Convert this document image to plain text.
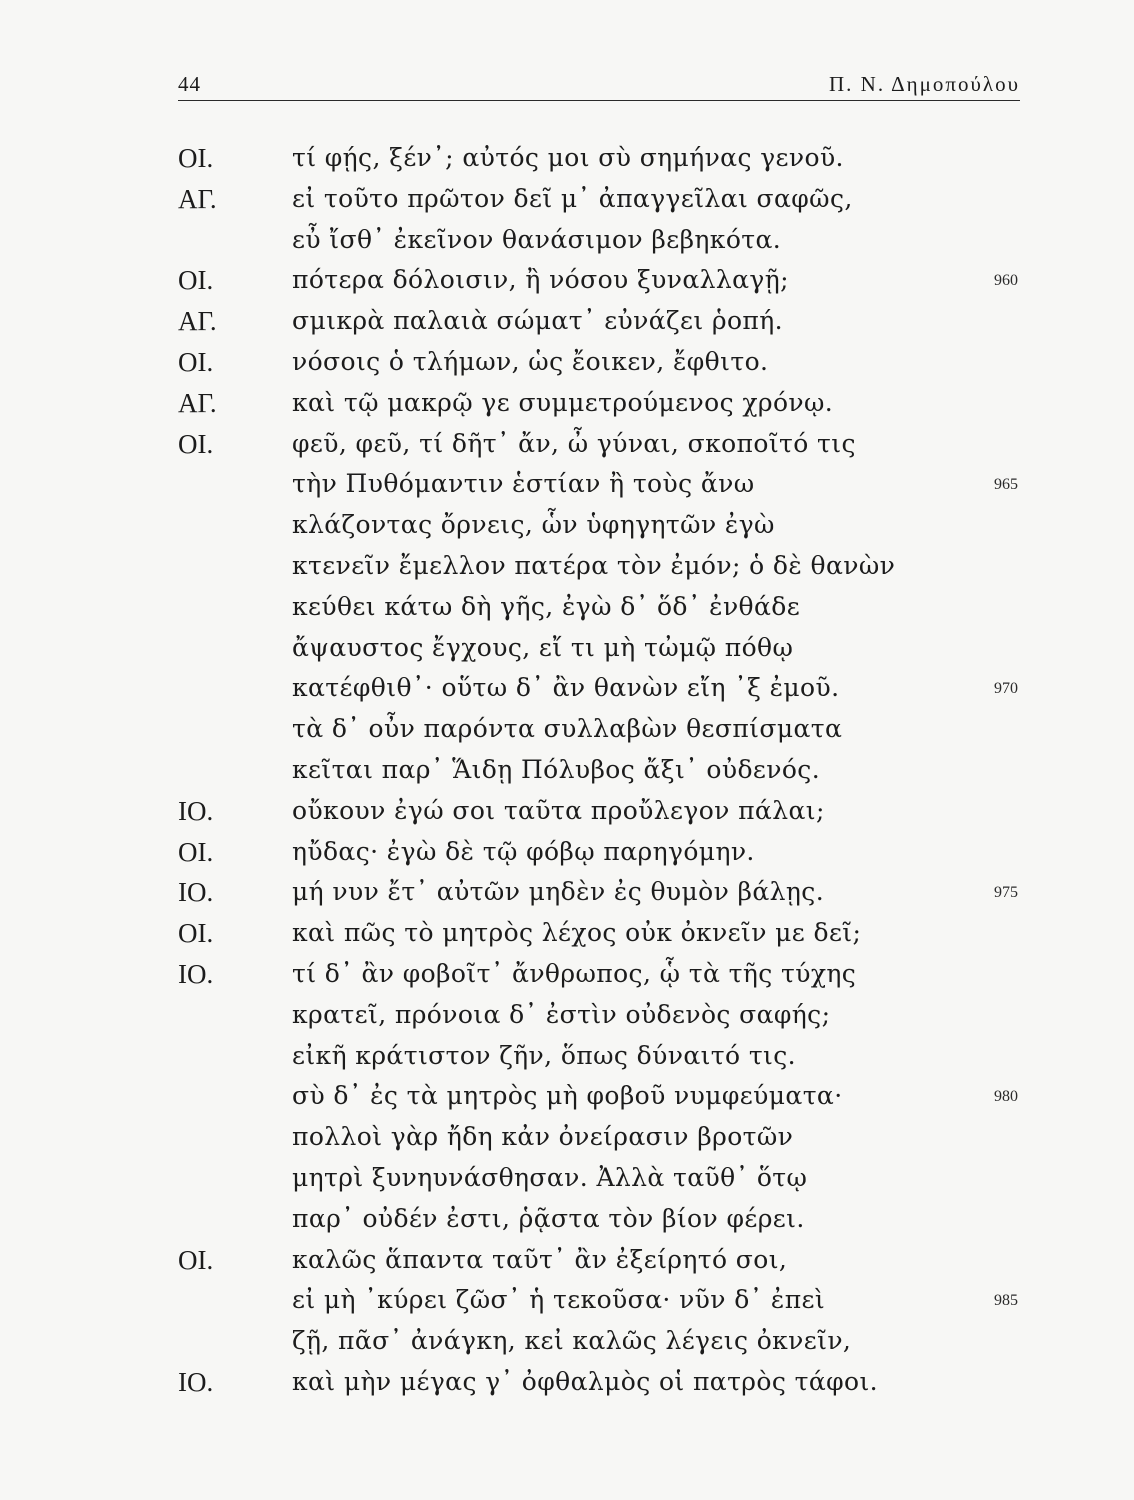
44	Π. Ν. Δημοπούλου
ΟΙ.	τί φῄς, ξέν᾽; αὐτός μοι σὺ σημήνας γενοῦ.
ΑΓ.	εἰ τοῦτο πρῶτον δεῖ μ᾽ ἀπαγγεῖλαι σαφῶς,
εὖ ἴσθ᾽ ἐκεῖνον θανάσιμον βεβηκότα.
ΟΙ.	πότερα δόλοισιν, ἢ νόσου ξυναλλαγῇ;	960
ΑΓ.	σμικρὰ παλαιὰ σώματ᾽ εὐνάζει ῥοπή.
ΟΙ.	νόσοις ὁ τλήμων, ὡς ἔοικεν, ἔφθιτο.
ΑΓ.	καὶ τῷ μακρῷ γε συμμετρούμενος χρόνῳ.
ΟΙ.	φεῦ, φεῦ, τί δῆτ᾽ ἄν, ὦ γύναι, σκοποῖτό τις
τὴν Πυθόμαντιν ἑστίαν ἢ τοὺς ἄνω	965
κλάζοντας ὄρνεις, ὧν ὑφηγητῶν ἐγὼ
κτενεῖν ἔμελλον πατέρα τὸν ἐμόν; ὁ δὲ θανὼν
κεύθει κάτω δὴ γῆς, ἐγὼ δ᾽ ὅδ᾽ ἐνθάδε
ἄψαυστος ἔγχους, εἴ τι μὴ τὠμῷ πόθῳ
κατέφθιθ᾽· οὕτω δ᾽ ἂν θανὼν εἴη ᾽ξ ἐμοῦ.	970
τὰ δ᾽ οὖν παρόντα συλλαβὼν θεσπίσματα
κεῖται παρ᾽ Ἅιδῃ Πόλυβος ἄξι᾽ οὐδενός.
ΙΟ.	οὔκουν ἐγώ σοι ταῦτα προὔλεγον πάλαι;
ΟΙ.	ηὔδας· ἐγὼ δὲ τῷ φόβῳ παρηγόμην.
ΙΟ.	μή νυν ἔτ᾽ αὐτῶν μηδὲν ἐς θυμὸν βάλῃς.	975
ΟΙ.	καὶ πῶς τὸ μητρὸς λέχος οὐκ ὀκνεῖν με δεῖ;
ΙΟ.	τί δ᾽ ἂν φοβοῖτ᾽ ἄνθρωπος, ᾧ τὰ τῆς τύχης
κρατεῖ, πρόνοια δ᾽ ἐστὶν οὐδενὸς σαφής;
εἰκῆ κράτιστον ζῆν, ὅπως δύναιτό τις.
σὺ δ᾽ ἐς τὰ μητρὸς μὴ φοβοῦ νυμφεύματα·	980
πολλοὶ γὰρ ἤδη κἀν ὀνείρασιν βροτῶν
μητρὶ ξυνηυνάσθησαν. Ἀλλὰ ταῦθ᾽ ὅτῳ
παρ᾽ οὐδέν ἐστι, ῥᾷστα τὸν βίον φέρει.
ΟΙ.	καλῶς ἅπαντα ταῦτ᾽ ἂν ἐξείρητό σοι,
εἰ μὴ ᾽κύρει ζῶσ᾽ ἡ τεκοῦσα· νῦν δ᾽ ἐπεὶ	985
ζῇ, πᾶσ᾽ ἀνάγκη, κεἰ καλῶς λέγεις ὀκνεῖν,
ΙΟ.	καὶ μὴν μέγας γ᾽ ὀφθαλμὸς οἱ πατρὸς τάφοι.
